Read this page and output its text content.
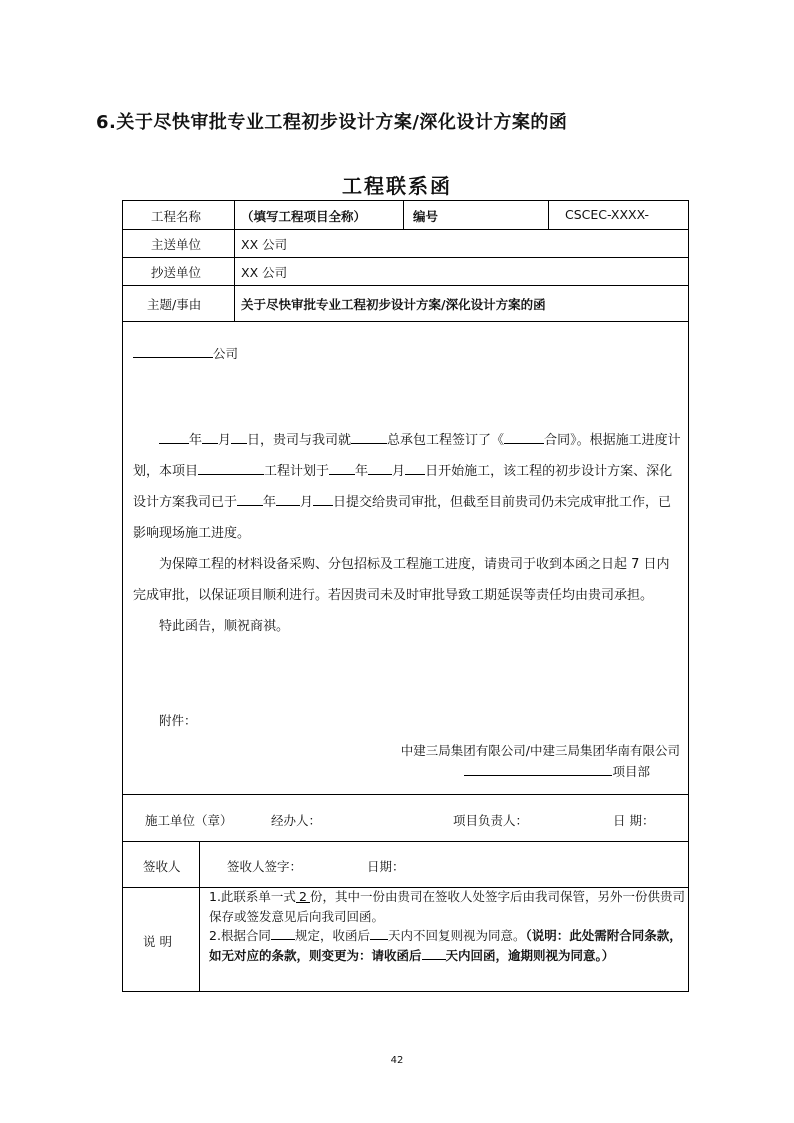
6.关于尽快审批专业工程初步设计方案/深化设计方案的函
工程联系函
工程名称	（填写工程项目全称）	编号	CSCEC-XXXX-
主送单位	XX 公司
抄送单位	XX 公司
主题/事由	关于尽快审批专业工程初步设计方案/深化设计方案的函
公司

年 月 日，贵司与我司就	总承包工程签订了《	合同》。根据施工进度计划，本项目	工程计划于 年 月 日开始施工，该工程的初步设计方案、深化设计方案我司已于 年 月 日提交给贵司审批，但截至目前贵司仍未完成审批工作，已影响现场施工进度。

为保障工程的材料设备采购、分包招标及工程施工进度，请贵司于收到本函之日起 7 日内完成审批，以保证项目顺利进行。若因贵司未及时审批导致工期延误等责任均由贵司承担。

特此函告，顺祝商祺。

附件：
中建三局集团有限公司/中建三局集团华南有限公司
项目部
施工单位（章）	经办人：	项目负责人：	日 期：
签收人	签收人签字：	日期：
说 明

1.此联系单一式 2 份，其中一份由贵司在签收人处签字后由我司保管，另外一份供贵司保存或签发意见后向我司回函。

2.根据合同 规定，收函后 天内不回复则视为同意。（说明：此处需附合同条款，如无对应的条款，则变更为：请收函后 天内回函，逾期则视为同意。）

42
